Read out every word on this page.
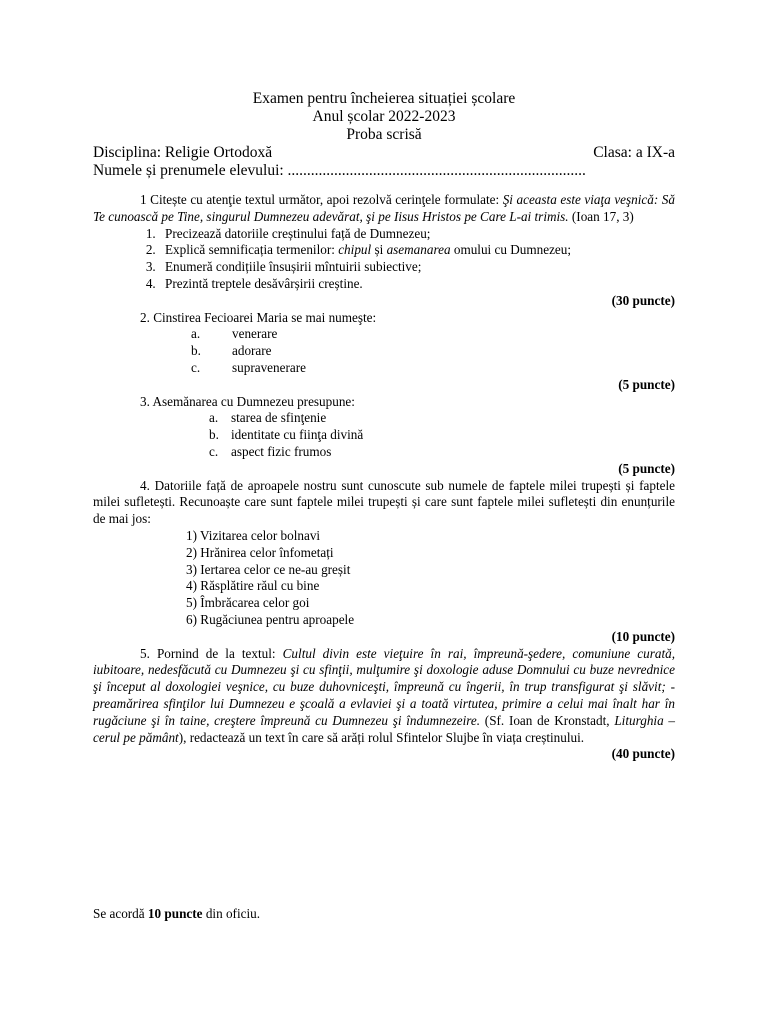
Examen pentru încheierea situației școlare
Anul școlar 2022-2023
Proba scrisă
Disciplina: Religie Ortodoxă	Clasa: a IX-a
Numele și prenumele elevului: .............................................................................
1 Citește cu atenţie textul următor, apoi rezolvă cerinţele formulate: Şi aceasta este viaţa veşnică: Să Te cunoască pe Tine, singurul Dumnezeu adevărat, şi pe Iisus Hristos pe Care L-ai trimis. (Ioan 17, 3)
1. Precizează datoriile creștinului față de Dumnezeu;
2. Explică semnificația termenilor: chipul și asemanarea omului cu Dumnezeu;
3. Enumeră condițiile însușirii mîntuirii subiective;
4. Prezintă treptele desăvârșirii creștine.
(30 puncte)
2. Cinstirea Fecioarei Maria se mai numeşte:
a.	venerare
b.	adorare
c.	supravenerare
(5 puncte)
3. Asemănarea cu Dumnezeu presupune:
a. starea de sfinţenie
b. identitate cu fiinţa divină
c. aspect fizic frumos
(5 puncte)
4. Datoriile față de aproapele nostru sunt cunoscute sub numele de faptele milei trupești și faptele milei sufletești. Recunoaște care sunt faptele milei trupești și care sunt faptele milei sufletești din enunțurile de mai jos:
1) Vizitarea celor bolnavi
2) Hrănirea celor înfometați
3) Iertarea celor ce ne-au greșit
4) Răsplătire răul cu bine
5) Îmbrăcarea celor goi
6) Rugăciunea pentru aproapele
(10 puncte)
5. Pornind de la textul: Cultul divin este vieţuire în rai, împreună-şedere, comuniune curată, iubitoare, nedesfăcută cu Dumnezeu şi cu sfinţii, mulţumire şi doxologie aduse Domnului cu buze nevrednice şi început al doxologiei veşnice, cu buze duhovniceşti, împreună cu îngerii, în trup transfigurat şi slăvit; - preamărirea sfinţilor lui Dumnezeu e şcoală a evlaviei şi a toată virtutea, primire a celui mai înalt har în rugăciune şi în taine, creştere împreună cu Dumnezeu şi îndumnezeire. (Sf. Ioan de Kronstadt, Liturghia – cerul pe pământ), redactează un text în care să arăți rolul Sfintelor Slujbe în viața creștinului.
(40 puncte)
Se acordă 10 puncte din oficiu.
